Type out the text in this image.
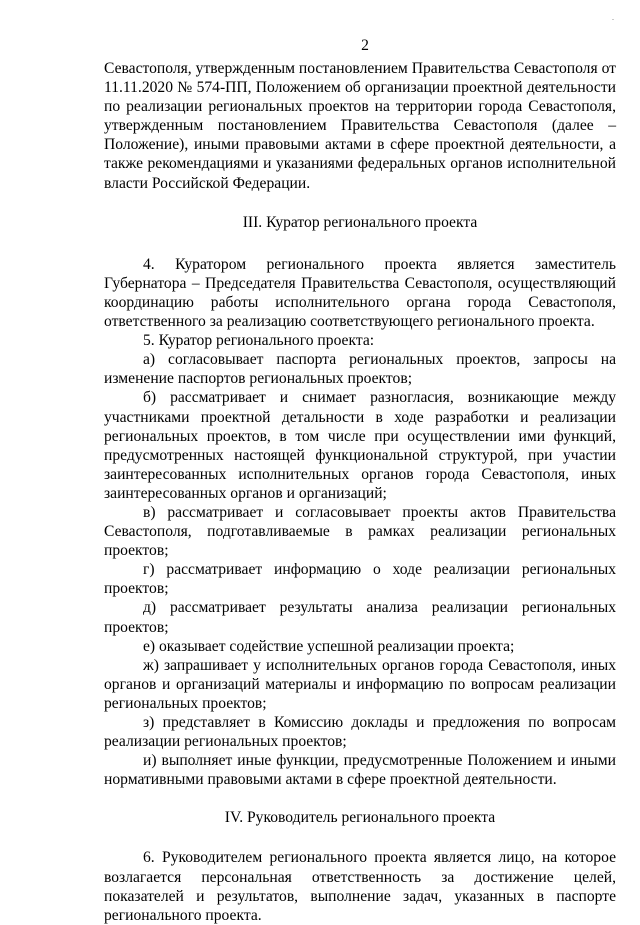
.
2

Севастополя, утвержденным постановлением Правительства Севастополя от 11.11.2020 № 574-ПП, Положением об организации проектной деятельности по реализации региональных проектов на территории города Севастополя, утвержденным постановлением Правительства Севастополя (далее – Положение), иными правовыми актами в сфере проектной деятельности, а также рекомендациями и указаниями федеральных органов исполнительной власти Российской Федерации.

III. Куратор регионального проекта

4. Куратором регионального проекта является заместитель Губернатора – Председателя Правительства Севастополя, осуществляющий координацию работы исполнительного органа города Севастополя, ответственного за реализацию соответствующего регионального проекта.

5. Куратор регионального проекта:

а) согласовывает паспорта региональных проектов, запросы на изменение паспортов региональных проектов;

б) рассматривает и снимает разногласия, возникающие между участниками проектной детальности в ходе разработки и реализации региональных проектов, в том числе при осуществлении ими функций, предусмотренных настоящей функциональной структурой, при участии заинтересованных исполнительных органов города Севастополя, иных заинтересованных органов и организаций;

в) рассматривает и согласовывает проекты актов Правительства Севастополя, подготавливаемые в рамках реализации региональных проектов;

г) рассматривает информацию о ходе реализации региональных проектов;

д) рассматривает результаты анализа реализации региональных проектов;

е) оказывает содействие успешной реализации проекта;

ж) запрашивает у исполнительных органов города Севастополя, иных органов и организаций материалы и информацию по вопросам реализации региональных проектов;

з) представляет в Комиссию доклады и предложения по вопросам реализации региональных проектов;

и) выполняет иные функции, предусмотренные Положением и иными нормативными правовыми актами в сфере проектной деятельности.

IV. Руководитель регионального проекта

6. Руководителем регионального проекта является лицо, на которое возлагается персональная ответственность за достижение целей, показателей и результатов, выполнение задач, указанных в паспорте регионального проекта.
